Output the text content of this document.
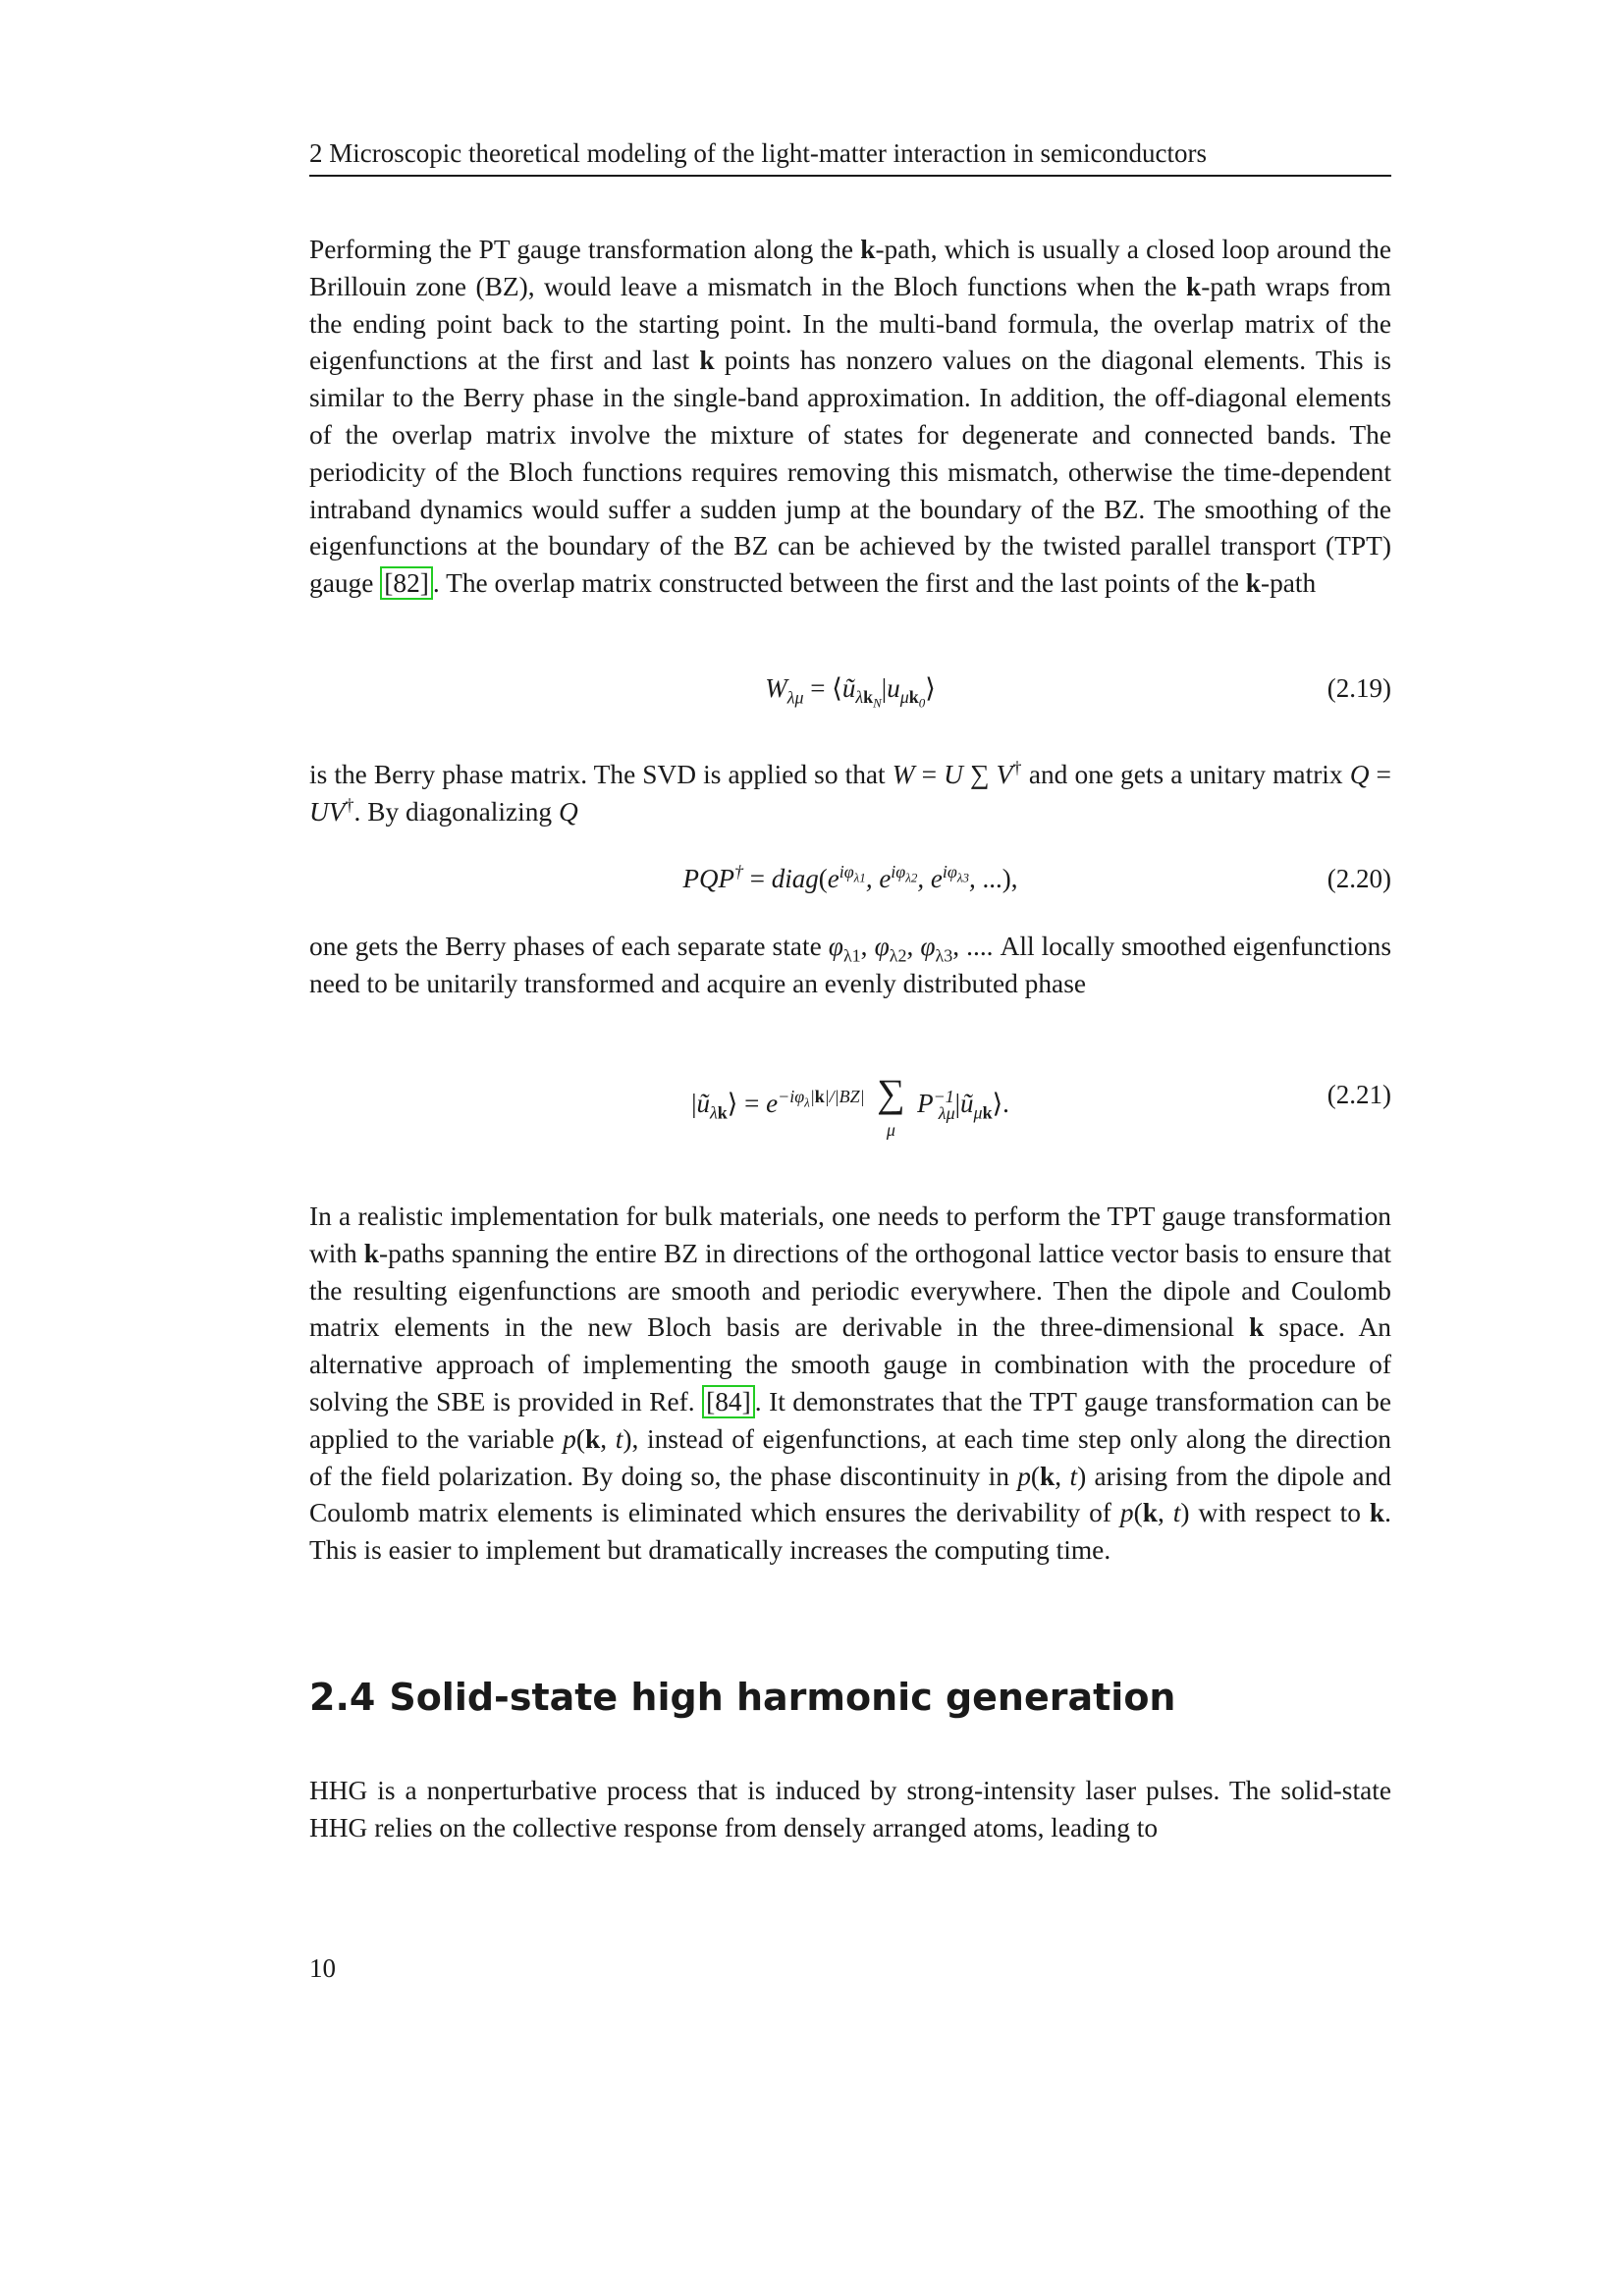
2 Microscopic theoretical modeling of the light-matter interaction in semiconductors

Performing the PT gauge transformation along the k-path, which is usually a closed loop around the Brillouin zone (BZ), would leave a mismatch in the Bloch functions when the k-path wraps from the ending point back to the starting point. In the multi-band formula, the overlap matrix of the eigenfunctions at the first and last k points has nonzero values on the diagonal elements. This is similar to the Berry phase in the single-band approximation. In addition, the off-diagonal elements of the overlap matrix involve the mixture of states for degenerate and connected bands. The periodicity of the Bloch functions requires removing this mismatch, otherwise the time-dependent intraband dynamics would suffer a sudden jump at the boundary of the BZ. The smoothing of the eigenfunctions at the boundary of the BZ can be achieved by the twisted parallel transport (TPT) gauge [82] . The overlap matrix constructed between the first and the last points of the k-path

$W_{\lambda\mu}$ = $⟨ũ_{\lambda k_N}|u_{\mu k_0}⟩$	(2.19)

is the Berry phase matrix. The SVD is applied so that W = U ∑ V† and one gets a unitary matrix Q = UV†. By diagonalizing Q

$PQP^\dagger = diag(e^{i\varphi_{\lambda 1}}$, $e^{i\varphi_{\lambda 2}}$, $e^{i\varphi_{\lambda 3}}$, ...),	(2.20)

one gets the Berry phases of each separate state $\varphi_{\lambda 1}$, $\varphi_{\lambda 2}$, $\varphi_{\lambda 3}$, .... All locally smoothed eigenfunctions need to be unitarily transformed and acquire an evenly distributed phase

$|ũ_{\lambda k}⟩ = e^{-i\varphi_\lambda|k|/|BZ|}$ ∑
μ
$P^{-1}_{\lambda\mu}|ũ_{\mu k}⟩$.	(2.21)

In a realistic implementation for bulk materials, one needs to perform the TPT gauge transformation with k-paths spanning the entire BZ in directions of the orthogonal lattice vector basis to ensure that the resulting eigenfunctions are smooth and periodic everywhere. Then the dipole and Coulomb matrix elements in the new Bloch basis are derivable in the three-dimensional k space. An alternative approach of implementing the smooth gauge in combination with the procedure of solving the SBE is provided in Ref. [84] . It demonstrates that the TPT gauge transformation can be applied to the variable p(k, t), instead of eigenfunctions, at each time step only along the direction of the field polarization. By doing so, the phase discontinuity in p(k, t) arising from the dipole and Coulomb matrix elements is eliminated which ensures the derivability of p(k, t) with respect to k. This is easier to implement but dramatically increases the computing time.

2.4 Solid-state high harmonic generation

HHG is a nonperturbative process that is induced by strong-intensity laser pulses. The solid-state HHG relies on the collective response from densely arranged atoms, leading to

10
